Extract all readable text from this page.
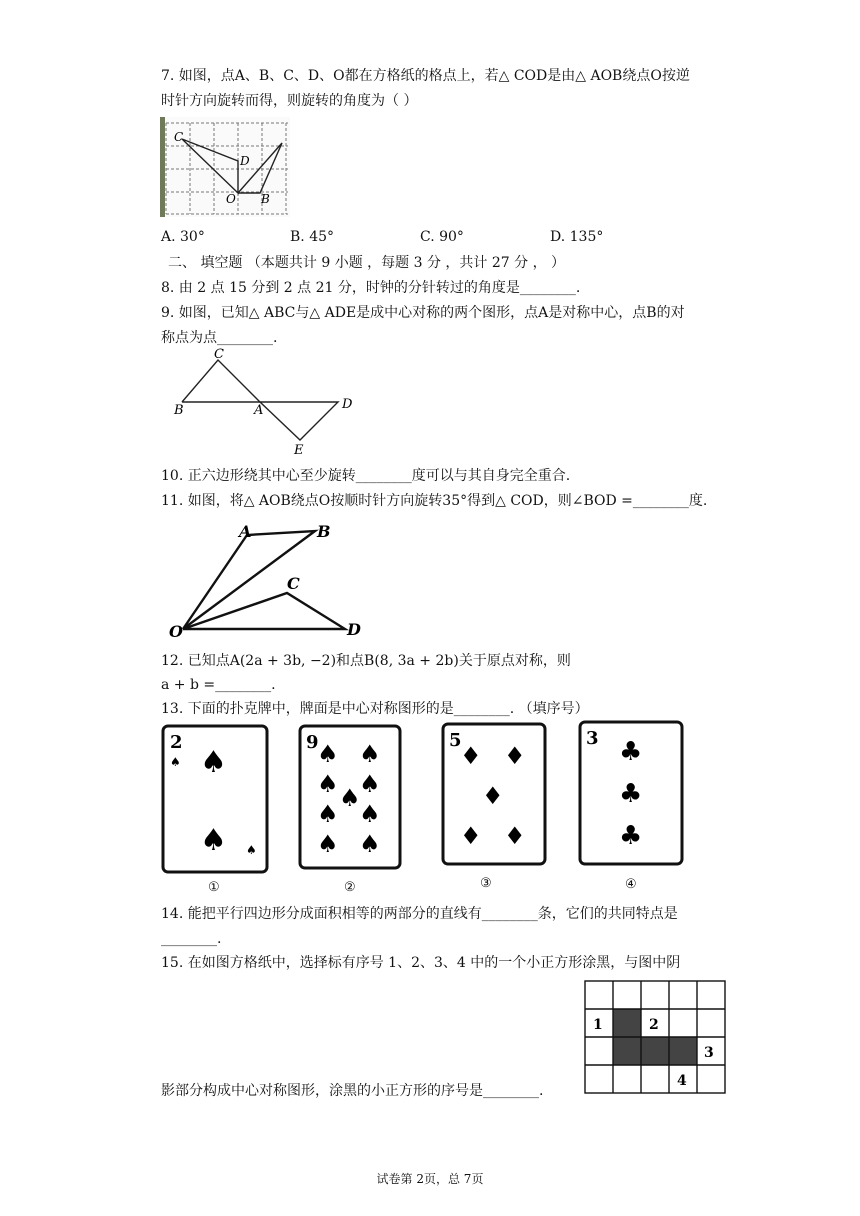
7. 如图，点A、B、C、D、O都在方格纸的格点上，若△ COD是由△ AOB绕点O按逆
时针方向旋转而得，则旋转的角度为（ ）
C
D
O B
A. 30°	B. 45°	C. 90°	D. 135°
二、 填空题 （本题共计 9 小题 ，每题 3 分 ，共计 27 分 ， ）
8. 由 2 点 15 分到 2 点 21 分，时钟的分针转过的角度是________.
9. 如图，已知△ ABC与△ ADE是成中心对称的两个图形，点A是对称中心，点B的对
称点为点________.
C
B	A	D
E
10. 正六边形绕其中心至少旋转________度可以与其自身完全重合.
11. 如图，将△ AOB绕点O按顺时针方向旋转35°得到△ COD，则∠BOD =________度.
A	B
C
O	D
12. 已知点A(2a + 3b, −2)和点B(8, 3a + 2b)关于原点对称，则
a + b =________.
13. 下面的扑克牌中，牌面是中心对称图形的是________. （填序号）
2
♠ ♠
♠ ♠
①
9
♠ ♠
♠ ♠
♠
♠ ♠
♠ ♠
②
5
♦ ♦
♦
♦ ♦
③
3 ♣
♣
♣
④
14. 能把平行四边形分成面积相等的两部分的直线有________条，它们的共同特点是
________.
15. 在如图方格纸中，选择标有序号 1、2、3、4 中的一个小正方形涂黑，与图中阴
影部分构成中心对称图形，涂黑的小正方形的序号是________.
1	2
3
4
试卷第 2页，总 7页
